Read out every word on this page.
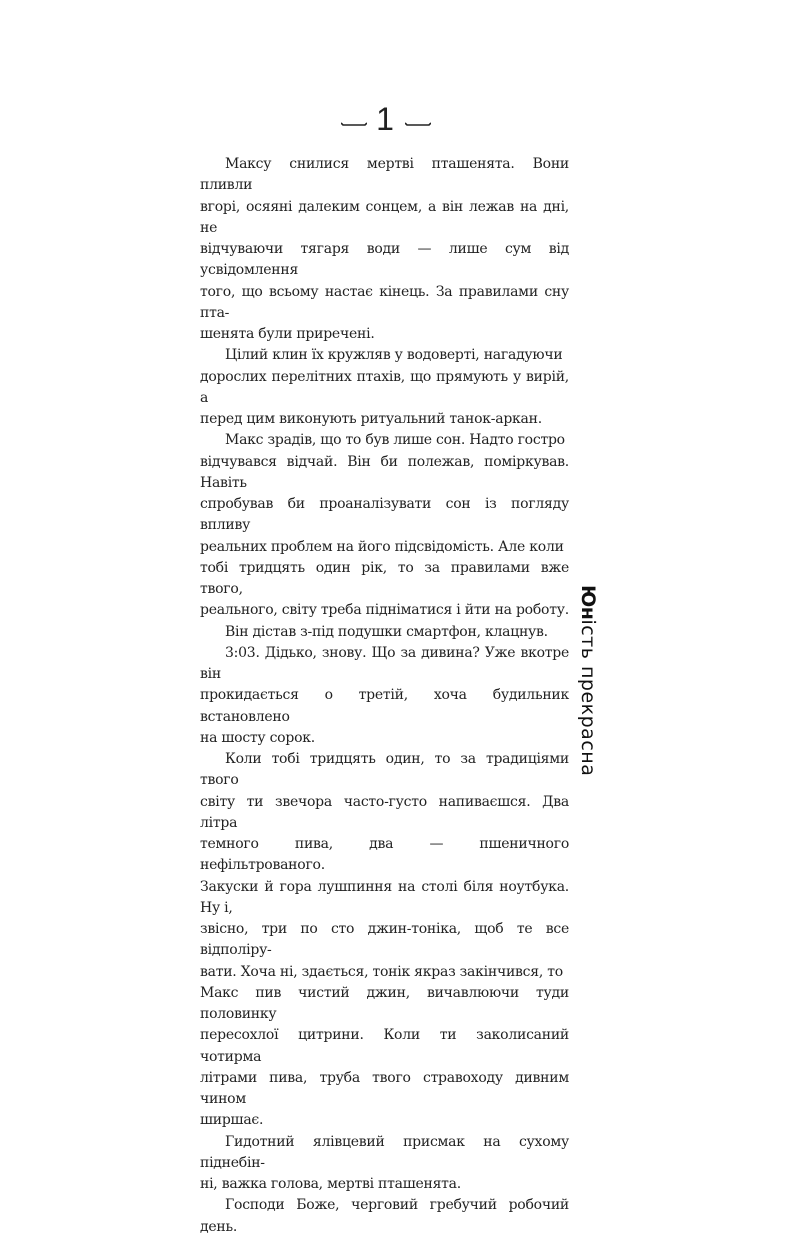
1

Максу снилися мертві пташенята. Вони пливли
вгорі, осяяні далеким сонцем, а він лежав на дні, не
відчуваючи тягаря води — лише сум від усвідомлення
того, що всьому настає кінець. За правилами сну пта-
шенята були приречені.

Цілий клин їх кружляв у водоверті, нагадуючи
дорослих перелітних птахів, що прямують у вирій, а
перед цим виконують ритуальний танок-аркан.

Макс зрадів, що то був лише сон. Надто гостро
відчувався відчай. Він би полежав, поміркував. Навіть
спробував би проаналізувати сон із погляду впливу
реальних проблем на його підсвідомість. Але коли
тобі тридцять один рік, то за правилами вже твого,
реального, світу треба підніматися і йти на роботу.

Він дістав з-під подушки смартфон, клацнув.

3:03. Дідько, знову. Що за дивина? Уже вкотре він
прокидається о третій, хоча будильник встановлено
на шосту сорок.

Коли тобі тридцять один, то за традиціями твого
світу ти звечора часто-густо напиваєшся. Два літра
темного пива, два — пшеничного нефільтрованого.
Закуски й гора лушпиння на столі біля ноутбука. Ну і,
звісно, три по сто джин-тоніка, щоб те все відполіру-
вати. Хоча ні, здається, тонік якраз закінчився, то
Макс пив чистий джин, вичавлюючи туди половинку
пересохлої цитрини. Коли ти заколисаний чотирма
літрами пива, труба твого стравоходу дивним чином
ширшає.

Гидотний ялівцевий присмак на сухому піднебін-
ні, важка голова, мертві пташенята.

Господи Боже, черговий гребучий робочий день.

Юність прекрасна
